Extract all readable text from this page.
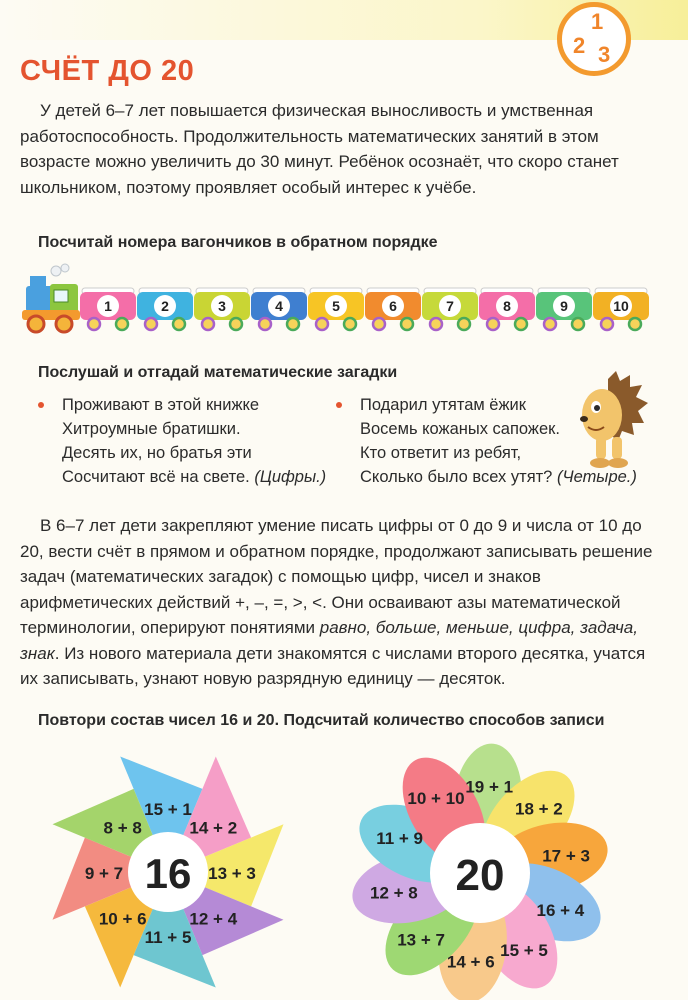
1
2 3
СЧЁТ ДО 20

У детей 6–7 лет повышается физическая выносливость и умственная работоспособность. Продолжительность математических занятий в этом возрасте можно увеличить до 30 минут. Ребёнок осознаёт, что скоро станет школьником, поэтому проявляет особый интерес к учёбе.

Посчитай номера вагончиков в обратном порядке
1	2	3	4	5	6	7	8	9	10
Послушай и отгадай математические загадки
Проживают в этой книжке
Хитроумные братишки.
Десять их, но братья эти
Сосчитают всё на свете. (Цифры.)
Подарил утятам ёжик
Восемь кожаных сапожек.
Кто ответит из ребят,
Сколько было всех утят? (Четыре.)

В 6–7 лет дети закрепляют умение писать цифры от 0 до 9 и числа от 10 до 20, вести счёт в прямом и обратном порядке, продолжают записывать решение задач (математических загадок) с помощью цифр, чисел и знаков арифметических действий +, –, =, >, <. Они осваивают азы математической терминологии, оперируют понятиями равно, больше, меньше, цифра, задача, знак. Из нового материала дети знакомятся с числами второго десятка, учатся их записывать, узнают новую разрядную единицу — десяток.

Повтори состав чисел 16 и 20. Подсчитай количество способов записи
15 + 1
14 + 2
13 + 3
12 + 4
11 + 5
10 + 6
9 + 7
8 + 8
16
19 + 1
18 + 2
17 + 3
16 + 4
15 + 5
14 + 6
13 + 7
12 + 8
11 + 9
10 + 10
20
